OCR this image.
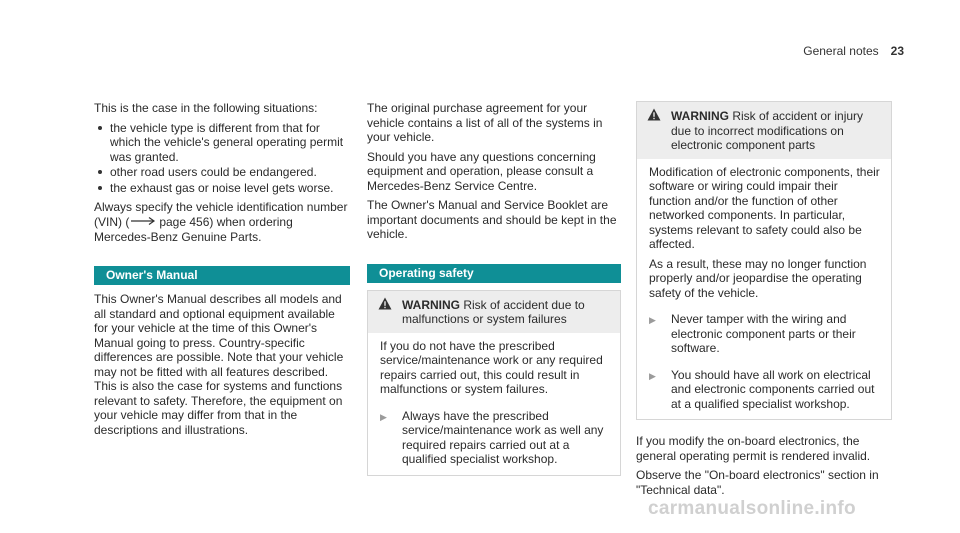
General notes 23

This is the case in the following situations:

the vehicle type is different from that for which the vehicle's general operating permit was granted.
other road users could be endangered.
the exhaust gas or noise level gets worse.

Always specify the vehicle identification number (VIN) (	page 456) when ordering Mercedes-Benz Genuine Parts.

Owner's Manual

This Owner's Manual describes all models and all standard and optional equipment available for your vehicle at the time of this Owner's Manual going to press. Country-specific differences are possible. Note that your vehicle may not be fitted with all features described. This is also the case for systems and functions relevant to safety. Therefore, the equipment on your vehicle may differ from that in the descriptions and illustrations.

The original purchase agreement for your vehicle contains a list of all of the systems in your vehicle.

Should you have any questions concerning equipment and operation, please consult a Mercedes-Benz Service Centre.

The Owner's Manual and Service Booklet are important documents and should be kept in the vehicle.

Operating safety
WARNING Risk of accident due to malfunctions or system failures

If you do not have the prescribed service/maintenance work or any required repairs carried out, this could result in malfunctions or system failures.

▶	Always have the prescribed service/maintenance work as well any required repairs carried out at a qualified specialist workshop.
WARNING Risk of accident or injury due to incorrect modifications on electronic component parts

Modification of electronic components, their software or wiring could impair their function and/or the function of other networked components. In particular, systems relevant to safety could also be affected.

As a result, these may no longer function properly and/or jeopardise the operating safety of the vehicle.

▶	Never tamper with the wiring and electronic component parts or their software.
▶	You should have all work on electrical and electronic components carried out at a qualified specialist workshop.

If you modify the on-board electronics, the general operating permit is rendered invalid.

Observe the "On-board electronics" section in "Technical data".

carmanualsonline.info
